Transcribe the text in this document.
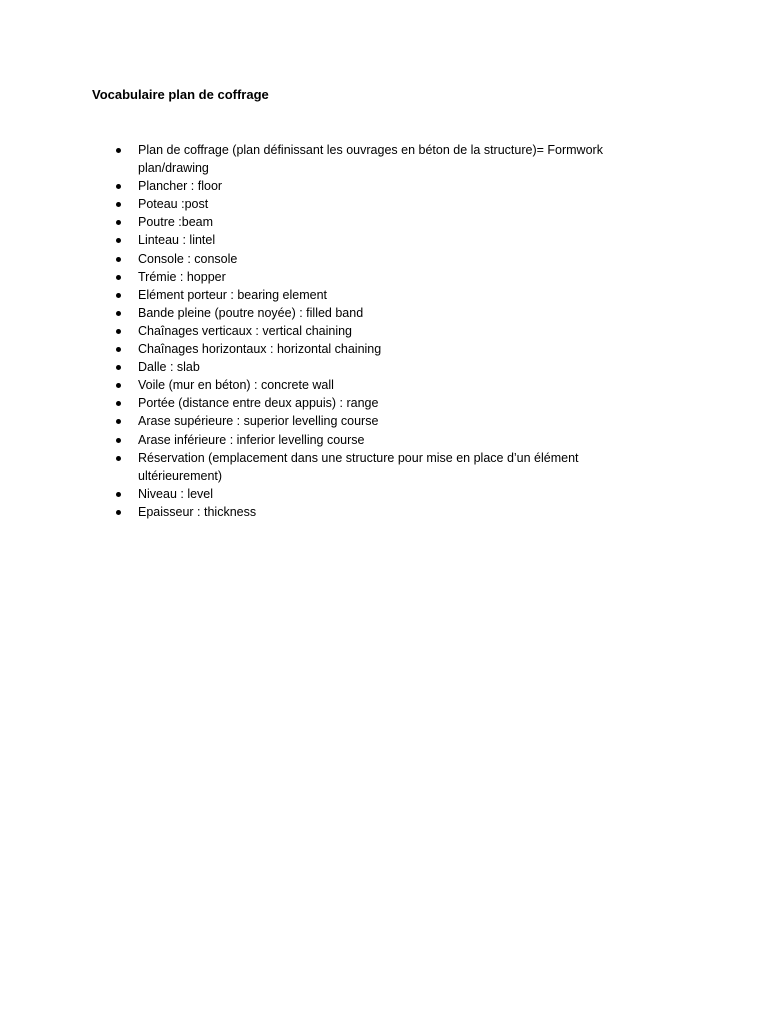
Vocabulaire plan de coffrage
Plan de coffrage (plan définissant les ouvrages en béton de la structure)= Formwork plan/drawing
Plancher : floor
Poteau :post
Poutre :beam
Linteau : lintel
Console : console
Trémie : hopper
Elément porteur : bearing element
Bande pleine (poutre noyée) : filled band
Chaînages verticaux : vertical chaining
Chaînages horizontaux : horizontal chaining
Dalle : slab
Voile (mur en béton) : concrete wall
Portée (distance entre deux appuis) : range
Arase supérieure : superior levelling course
Arase inférieure : inferior levelling course
Réservation (emplacement dans une structure pour mise en place d’un élément ultérieurement)
Niveau : level
Epaisseur : thickness
